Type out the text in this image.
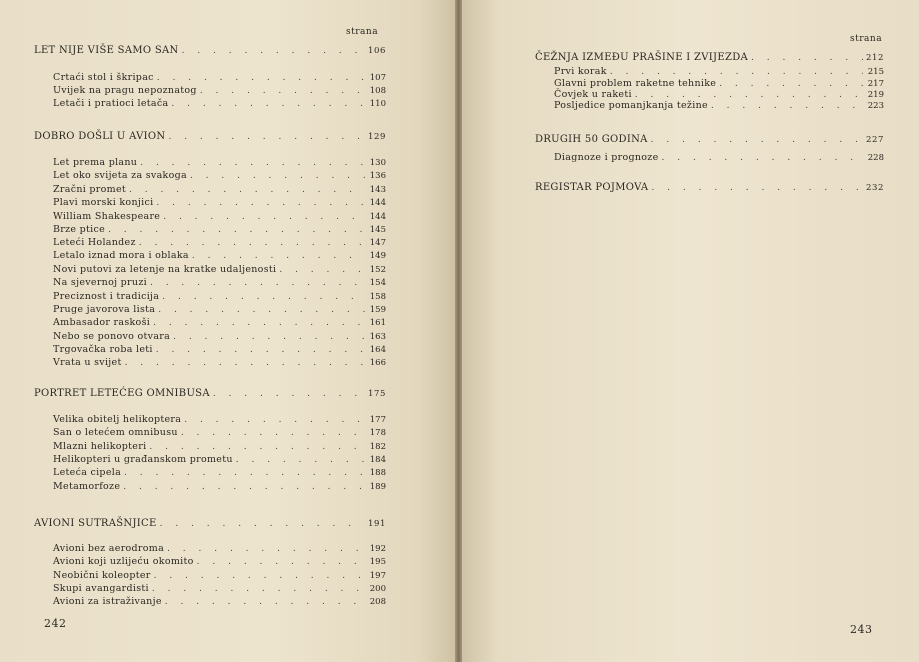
strana
LET NIJE VIŠE SAMO SAN . . .	106
Crtaći stol i škripac . . .	107
Uvijek na pragu nepoznatog . . .	108
Letači i pratioci letača . . .	110
DOBRO DOŠLI U AVION . . .	129
Let prema planu . . .	130
Let oko svijeta za svakoga . . .	136
Zračni promet . . .	143
Plavi morski konjici . . .	144
William Shakespeare . . .	144
Brze ptice . . .	145
Leteći Holandez . . .	147
Letalo iznad mora i oblaka . . .	149
Novi putovi za letenje na kratke udaljenosti . . .	152
Na sjevernoj pruzi . . .	154
Preciznost i tradicija . . .	158
Pruge javorova lista . . .	159
Ambasador raskoši . . .	161
Nebo se ponovo otvara . . .	163
Trgovačka roba leti . . .	164
Vrata u svijet . . .	166
PORTRET LETEĆEG OMNIBUSA . . .	175
Velika obitelj helikoptera . . .	177
San o letećem omnibusu . . .	178
Mlazni helikopteri . . .	182
Helikopteri u građanskom prometu . . .	184
Leteća cipela . . .	188
Metamorfoze . . .	189
AVIONI SUTRAŠNJICE . . .	191
Avioni bez aerodroma . . .	192
Avioni koji uzlijeću okomito . . .	195
Neobični koleopter . . .	197
Skupi avangardisti . . .	200
Avioni za istraživanje . . .	208
242
strana
ČEŽNJA IZMEĐU PRAŠINE I ZVIJEZDA . . .	212
Prvi korak . . .	215
Glavni problem raketne tehnike . . .	217
Čovjek u raketi . . .	219
Posljedice pomanjkanja težine . . .	223
DRUGIH 50 GODINA . . .	227
Diagnoze i prognoze . . .	228
REGISTAR POJMOVA . . .	232
243
